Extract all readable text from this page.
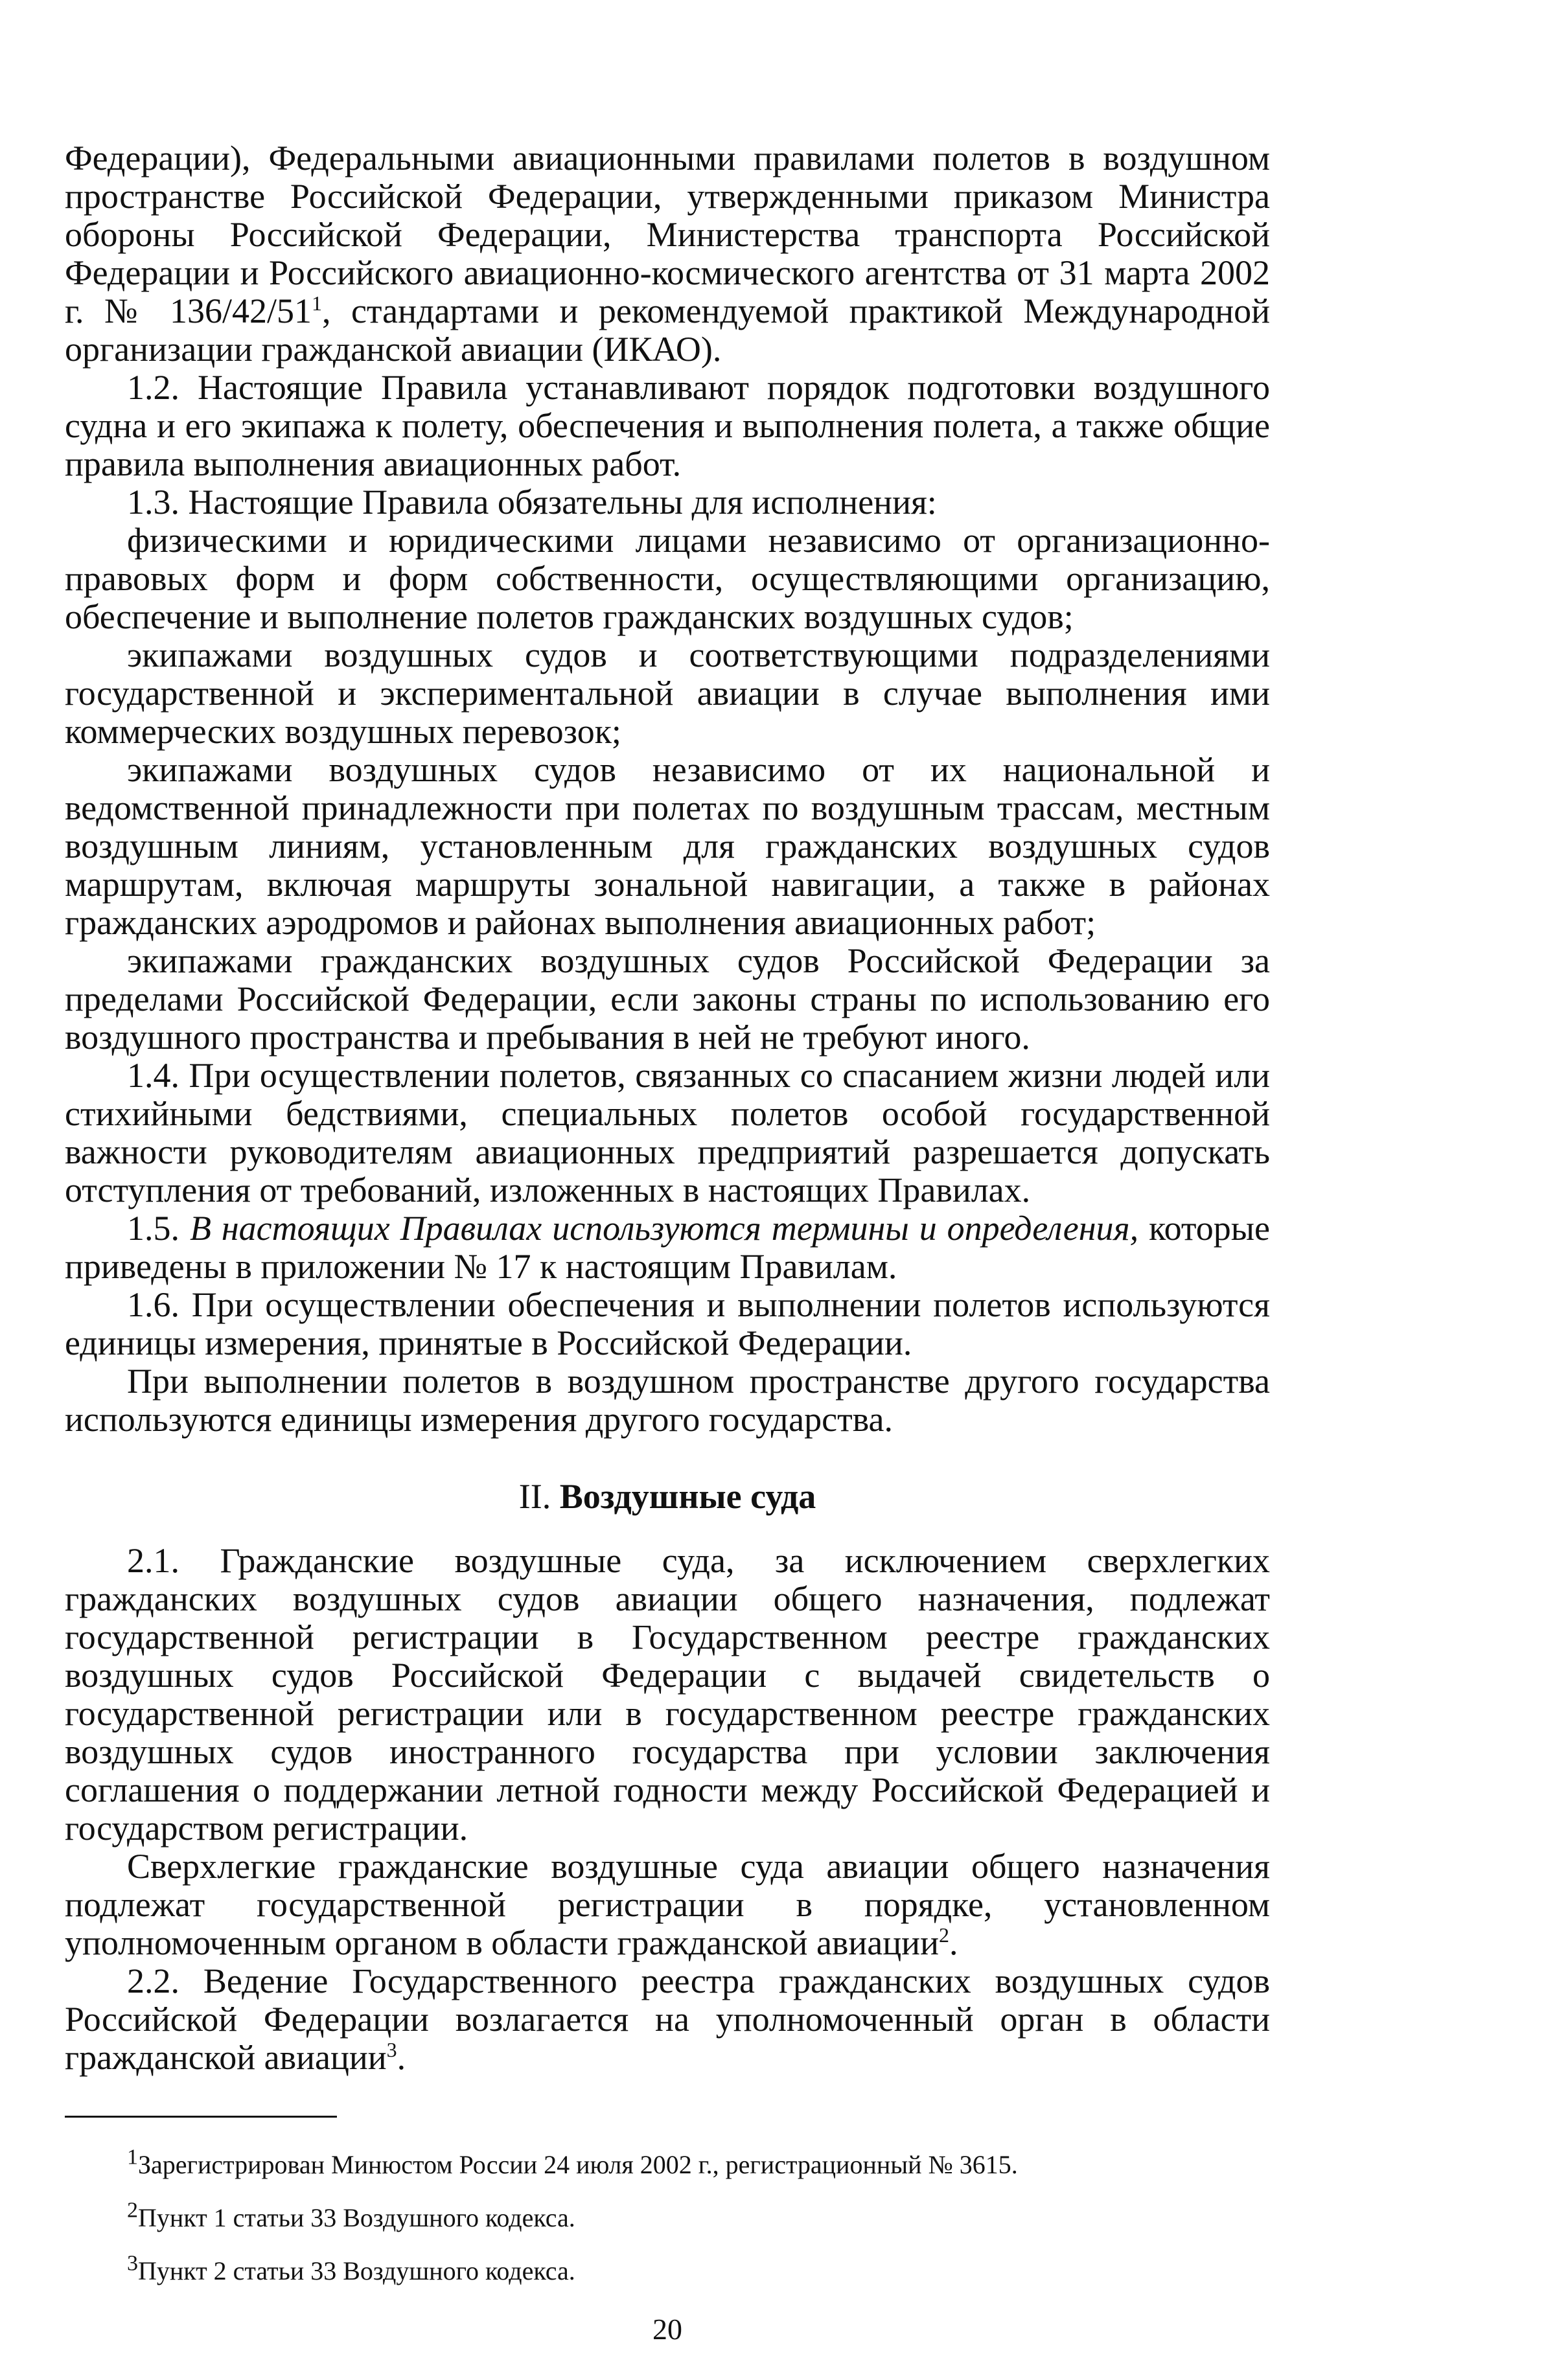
Федерации), Федеральными авиационными правилами полетов в воздушном пространстве Российской Федерации, утвержденными приказом Министра обороны Российской Федерации, Министерства транспорта Российской Федерации и Российского авиационно-космического агентства от 31 марта 2002 г. № $136/42/51^1$, стандартами и рекомендуемой практикой Международной организации гражданской авиации (ИКАО).

1.2. Настоящие Правила устанавливают порядок подготовки воздушного судна и его экипажа к полету, обеспечения и выполнения полета, а также общие правила выполнения авиационных работ.

1.3. Настоящие Правила обязательны для исполнения:

физическими и юридическими лицами независимо от организационно-правовых форм и форм собственности, осуществляющими организацию, обеспечение и выполнение полетов гражданских воздушных судов;

экипажами воздушных судов и соответствующими подразделениями государственной и экспериментальной авиации в случае выполнения ими коммерческих воздушных перевозок;

экипажами воздушных судов независимо от их национальной и ведомственной принадлежности при полетах по воздушным трассам, местным воздушным линиям, установленным для гражданских воздушных судов маршрутам, включая маршруты зональной навигации, а также в районах гражданских аэродромов и районах выполнения авиационных работ;

экипажами гражданских воздушных судов Российской Федерации за пределами Российской Федерации, если законы страны по использованию его воздушного пространства и пребывания в ней не требуют иного.

1.4. При осуществлении полетов, связанных со спасанием жизни людей или стихийными бедствиями, специальных полетов особой государственной важности руководителям авиационных предприятий разрешается допускать отступления от требований, изложенных в настоящих Правилах.

1.5. В настоящих Правилах используются термины и определения, которые приведены в приложении № 17 к настоящим Правилам.

1.6. При осуществлении обеспечения и выполнении полетов используются единицы измерения, принятые в Российской Федерации.

При выполнении полетов в воздушном пространстве другого государства используются единицы измерения другого государства.

II. Воздушные суда

2.1. Гражданские воздушные суда, за исключением сверхлегких гражданских воздушных судов авиации общего назначения, подлежат государственной регистрации в Государственном реестре гражданских воздушных судов Российской Федерации с выдачей свидетельств о государственной регистрации или в государственном реестре гражданских воздушных судов иностранного государства при условии заключения соглашения о поддержании летной годности между Российской Федерацией и государством регистрации.

Сверхлегкие гражданские воздушные суда авиации общего назначения подлежат государственной регистрации в порядке, установленном уполномоченным органом в области гражданской авиации$^2$.

2.2. Ведение Государственного реестра гражданских воздушных судов Российской Федерации возлагается на уполномоченный орган в области гражданской авиации$^3$.

$^1$Зарегистрирован Минюстом России 24 июля 2002 г., регистрационный № 3615.
$^2$Пункт 1 статьи 33 Воздушного кодекса.
$^3$Пункт 2 статьи 33 Воздушного кодекса.
20
